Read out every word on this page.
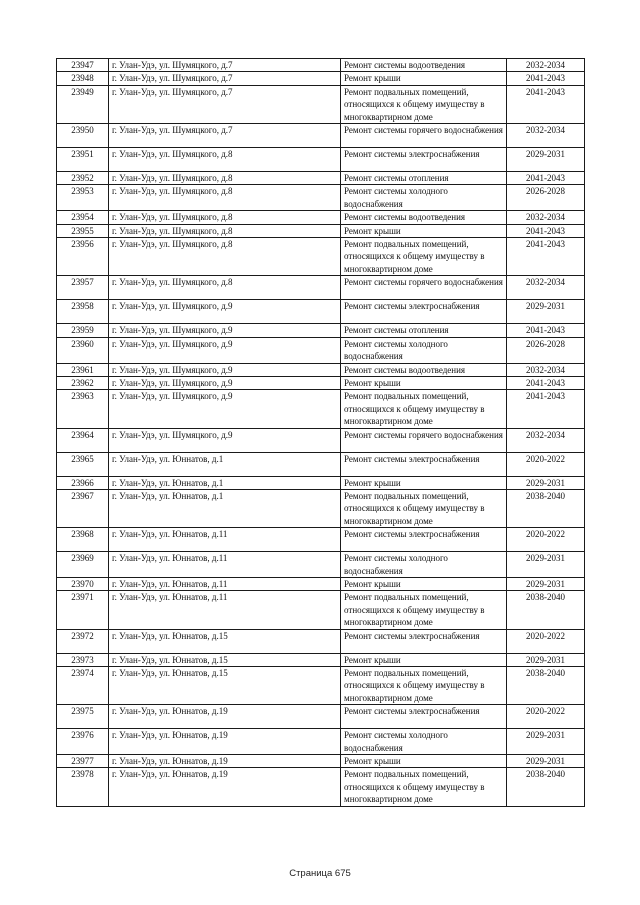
23947	г. Улан-Удэ, ул. Шумяцкого, д.7	Ремонт системы водоотведения	2032-2034
23948	г. Улан-Удэ, ул. Шумяцкого, д.7	Ремонт крыши	2041-2043
23949	г. Улан-Удэ, ул. Шумяцкого, д.7	Ремонт подвальных помещений, относящихся к общему имуществу в многоквартирном доме	2041-2043
23950	г. Улан-Удэ, ул. Шумяцкого, д.7	Ремонт системы горячего водоснабжения	2032-2034
23951	г. Улан-Удэ, ул. Шумяцкого, д.8	Ремонт системы электроснабжения	2029-2031
23952	г. Улан-Удэ, ул. Шумяцкого, д.8	Ремонт системы отопления	2041-2043
23953	г. Улан-Удэ, ул. Шумяцкого, д.8	Ремонт системы холодного водоснабжения	2026-2028
23954	г. Улан-Удэ, ул. Шумяцкого, д.8	Ремонт системы водоотведения	2032-2034
23955	г. Улан-Удэ, ул. Шумяцкого, д.8	Ремонт крыши	2041-2043
23956	г. Улан-Удэ, ул. Шумяцкого, д.8	Ремонт подвальных помещений, относящихся к общему имуществу в многоквартирном доме	2041-2043
23957	г. Улан-Удэ, ул. Шумяцкого, д.8	Ремонт системы горячего водоснабжения	2032-2034
23958	г. Улан-Удэ, ул. Шумяцкого, д.9	Ремонт системы электроснабжения	2029-2031
23959	г. Улан-Удэ, ул. Шумяцкого, д.9	Ремонт системы отопления	2041-2043
23960	г. Улан-Удэ, ул. Шумяцкого, д.9	Ремонт системы холодного водоснабжения	2026-2028
23961	г. Улан-Удэ, ул. Шумяцкого, д.9	Ремонт системы водоотведения	2032-2034
23962	г. Улан-Удэ, ул. Шумяцкого, д.9	Ремонт крыши	2041-2043
23963	г. Улан-Удэ, ул. Шумяцкого, д.9	Ремонт подвальных помещений, относящихся к общему имуществу в многоквартирном доме	2041-2043
23964	г. Улан-Удэ, ул. Шумяцкого, д.9	Ремонт системы горячего водоснабжения	2032-2034
23965	г. Улан-Удэ, ул. Юннатов, д.1	Ремонт системы электроснабжения	2020-2022
23966	г. Улан-Удэ, ул. Юннатов, д.1	Ремонт крыши	2029-2031
23967	г. Улан-Удэ, ул. Юннатов, д.1	Ремонт подвальных помещений, относящихся к общему имуществу в многоквартирном доме	2038-2040
23968	г. Улан-Удэ, ул. Юннатов, д.11	Ремонт системы электроснабжения	2020-2022
23969	г. Улан-Удэ, ул. Юннатов, д.11	Ремонт системы холодного водоснабжения	2029-2031
23970	г. Улан-Удэ, ул. Юннатов, д.11	Ремонт крыши	2029-2031
23971	г. Улан-Удэ, ул. Юннатов, д.11	Ремонт подвальных помещений, относящихся к общему имуществу в многоквартирном доме	2038-2040
23972	г. Улан-Удэ, ул. Юннатов, д.15	Ремонт системы электроснабжения	2020-2022
23973	г. Улан-Удэ, ул. Юннатов, д.15	Ремонт крыши	2029-2031
23974	г. Улан-Удэ, ул. Юннатов, д.15	Ремонт подвальных помещений, относящихся к общему имуществу в многоквартирном доме	2038-2040
23975	г. Улан-Удэ, ул. Юннатов, д.19	Ремонт системы электроснабжения	2020-2022
23976	г. Улан-Удэ, ул. Юннатов, д.19	Ремонт системы холодного водоснабжения	2029-2031
23977	г. Улан-Удэ, ул. Юннатов, д.19	Ремонт крыши	2029-2031
23978	г. Улан-Удэ, ул. Юннатов, д.19	Ремонт подвальных помещений, относящихся к общему имуществу в многоквартирном доме	2038-2040
Страница 675
